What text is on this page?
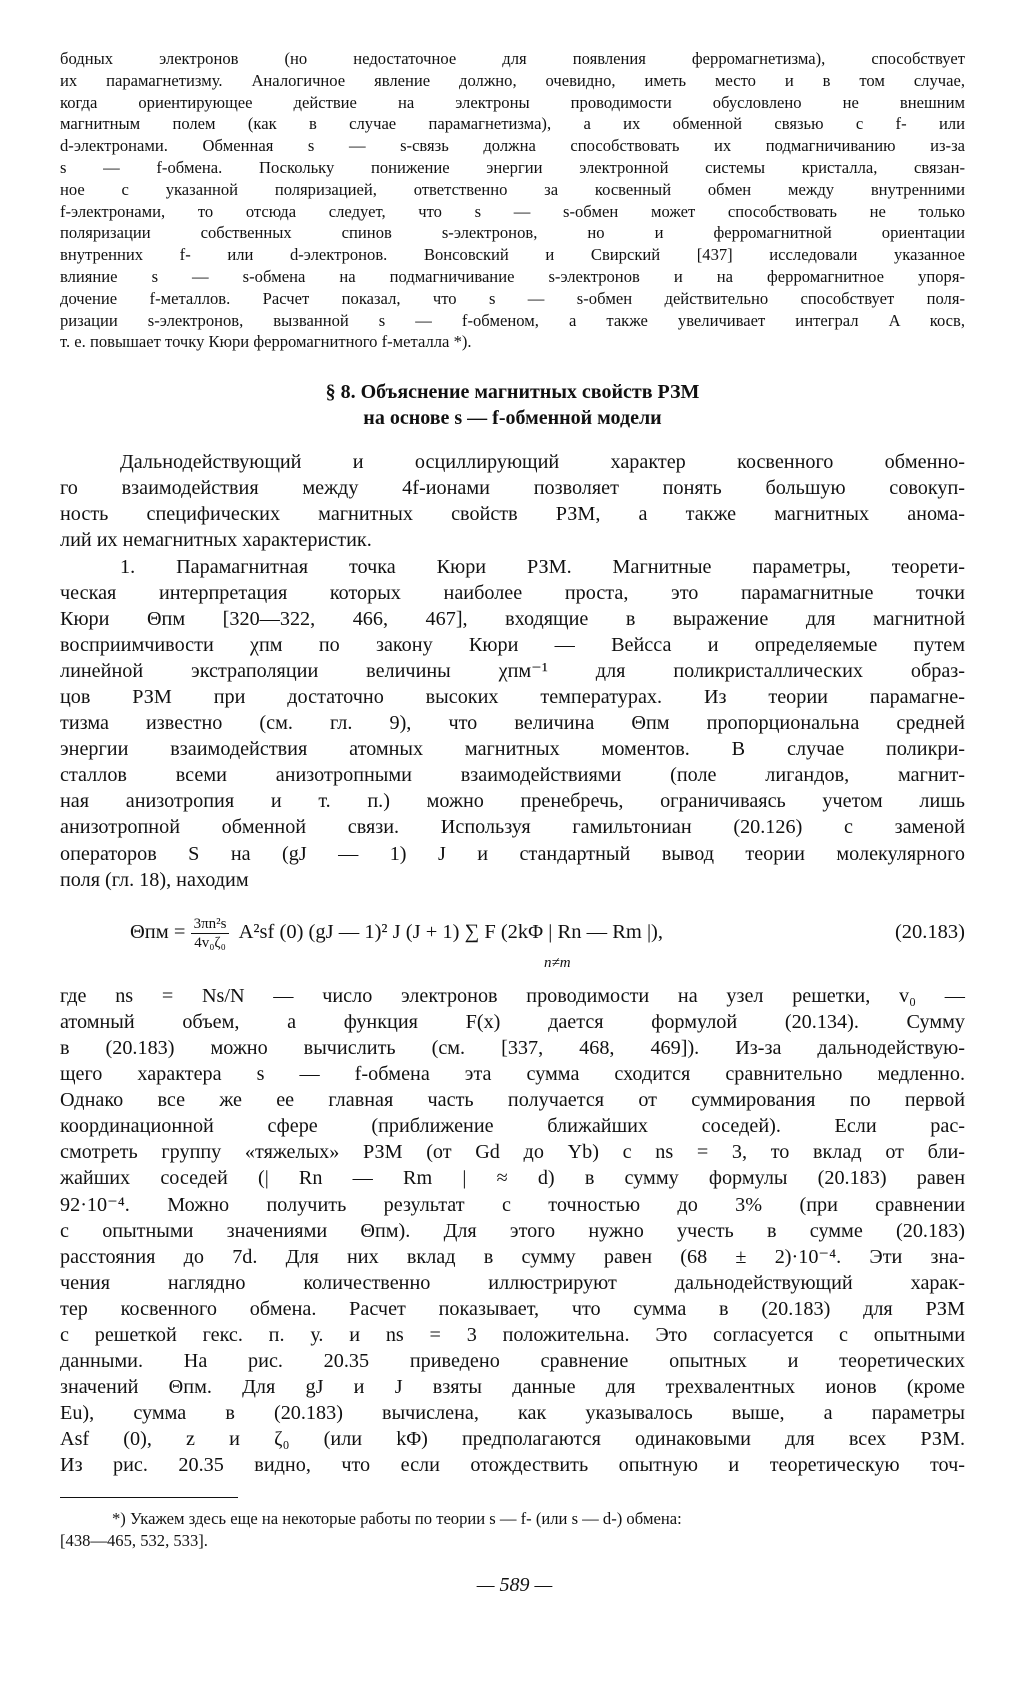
бодных электронов (но недостаточное для появления ферромагнетизма), способствует

их парамагнетизму. Аналогичное явление должно, очевидно, иметь место и в том случае,

когда ориентирующее действие на электроны проводимости обусловлено не внешним

магнитным полем (как в случае парамагнетизма), а их обменной связью с f- или

d-электронами. Обменная s — s-связь должна способствовать их подмагничиванию из-за

s — f-обмена. Поскольку понижение энергии электронной системы кристалла, связан-

ное с указанной поляризацией, ответственно за косвенный обмен между внутренними

f-электронами, то отсюда следует, что s — s-обмен может способствовать не только

поляризации собственных спинов s-электронов, но и ферромагнитной ориентации

внутренних f- или d-электронов. Вонсовский и Свирский [437] исследовали указанное

влияние s — s-обмена на подмагничивание s-электронов и на ферромагнитное упоря-

дочение f-металлов. Расчет показал, что s — s-обмен действительно способствует поля-

ризации s-электронов, вызванной s — f-обменом, а также увеличивает интеграл A косв,

т. е. повышает точку Кюри ферромагнитного f-металла *).

§ 8. Объяснение магнитных свойств РЗМ
на основе s — f-обменной модели

Дальнодействующий и осциллирующий характер косвенного обменно-

го взаимодействия между 4f-ионами позволяет понять большую совокуп-

ность специфических магнитных свойств РЗМ, а также магнитных анома-

лий их немагнитных характеристик.

1. Парамагнитная точка Кюри РЗМ. Магнитные параметры, теорети-

ческая интерпретация которых наиболее проста, это парамагнитные точки

Кюри Θпм [320—322, 466, 467], входящие в выражение для магнитной

восприимчивости χпм по закону Кюри — Вейсса и определяемые путем

линейной экстраполяции величины χпм⁻¹ для поликристаллических образ-

цов РЗМ при достаточно высоких температурах. Из теории парамагне-

тизма известно (см. гл. 9), что величина Θпм пропорциональна средней

энергии взаимодействия атомных магнитных моментов. В случае поликри-

сталлов всеми анизотропными взаимодействиями (поле лигандов, магнит-

ная анизотропия и т. п.) можно пренебречь, ограничиваясь учетом лишь

анизотропной обменной связи. Используя гамильтониан (20.126) с заменой

операторов S на (gJ — 1) J и стандартный вывод теории молекулярного

поля (гл. 18), находим

$\Theta пм = \frac{\text{3πn²s}}{\text{4v₀ζ₀}} A^2sf$ (0) (gJ — 1)² J (J + 1) ∑ F (2kΦ | Rn — Rm |),
n≠m
(20.183)

где ns = Ns/N — число электронов проводимости на узел решетки, v₀ —

атомный объем, а функция F(x) дается формулой (20.134). Сумму

в (20.183) можно вычислить (см. [337, 468, 469]). Из-за дальнодействую-

щего характера s — f-обмена эта сумма сходится сравнительно медленно.

Однако все же ее главная часть получается от суммирования по первой

координационной сфере (приближение ближайших соседей). Если рас-

смотреть группу «тяжелых» РЗМ (от Gd до Yb) с ns = 3, то вклад от бли-

жайших соседей (| Rn — Rm | ≈ d) в сумму формулы (20.183) равен

92·10⁻⁴. Можно получить результат с точностью до 3% (при сравнении

с опытными значениями Θпм). Для этого нужно учесть в сумме (20.183)

расстояния до 7d. Для них вклад в сумму равен (68 ± 2)·10⁻⁴. Эти зна-

чения наглядно количественно иллюстрируют дальнодействующий харак-

тер косвенного обмена. Расчет показывает, что сумма в (20.183) для РЗМ

с решеткой гекс. п. у. и ns = 3 положительна. Это согласуется с опытными

данными. На рис. 20.35 приведено сравнение опытных и теоретических

значений Θпм. Для gJ и J взяты данные для трехвалентных ионов (кроме

Eu), сумма в (20.183) вычислена, как указывалось выше, а параметры

Asf (0), z и ζ₀ (или kΦ) предполагаются одинаковыми для всех РЗМ.

Из рис. 20.35 видно, что если отождествить опытную и теоретическую точ-

*) Укажем здесь еще на некоторые работы по теории s — f- (или s — d-) обмена:

[438—465, 532, 533].

— 589 —
